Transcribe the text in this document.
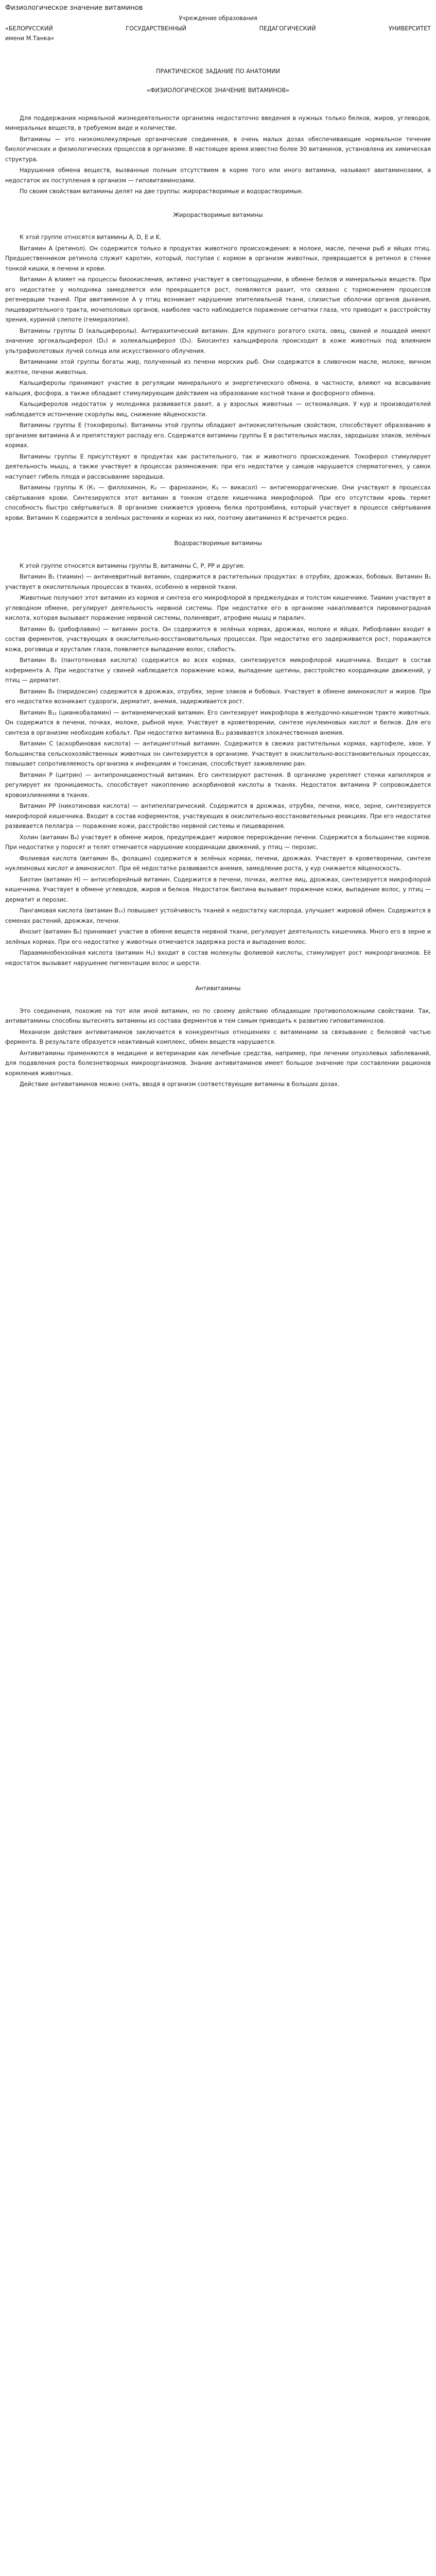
Физиологическое значение витаминов
Учреждение образования
«БЕЛОРУССКИЙ ГОСУДАРСТВЕННЫЙ ПЕДАГОГИЧЕСКИЙ УНИВЕРСИТЕТ
имени М.Танка»
ПРАКТИЧЕСКОЕ ЗАДАНИЕ ПО АНАТОМИИ
«ФИЗИОЛОГИЧЕСКОЕ ЗНАЧЕНИЕ ВИТАМИНОВ»

Для поддержания нормальной жизнедеятельности организма недостаточно введения в нужных только белков, жиров, углеводов, минеральных веществ, в требуемом виде и количестве.

Витамины — это низкомолекулярные органические соединения, в очень малых дозах обеспечивающие нормальное течение биологических и физиологических процессов в организме. В настоящее время известно более 30 витаминов, установлена их химическая структура.

Нарушения обмена веществ, вызванные полным отсутствием в корме того или иного витамина, называют авитаминозами, а недостаток их поступления в организм — гиповитаминозами.

По своим свойствам витамины делят на две группы: жирорастворимые и водорастворимые.

Жирорастворимые витамины

К этой группе относятся витамины A, D, E и K.

Витамин А (ретинол). Он содержится только в продуктах животного происхождения: в молоке, масле, печени рыб и яйцах птиц. Предшественником ретинола служит каротин, который, поступая с кормом в организм животных, превращается в ретинол в стенке тонкой кишки, в печени и крови.

Витамин А влияет на процессы биоокисления, активно участвует в светоощущении, в обмене белков и минеральных веществ. При его недостатке у молодняка замедляется или прекращается рост, появляются рахит, что связано с торможением процессов регенерации тканей. При авитаминозе А у птиц возникает нарушение эпителиальной ткани, слизистые оболочки органов дыхания, пищеварительного тракта, мочеполовых органов, наиболее часто наблюдается поражение сетчатки глаза, что приводит к расстройству зрения, куриной слепоте (гемералопия).

Витамины группы D (кальциферолы). Антирахитический витамин. Для крупного рогатого скота, овец, свиней и лошадей имеют значение эргокальциферол (D₂) и холекальциферол (D₃). Биосинтез кальциферола происходит в коже животных под влиянием ультрафиолетовых лучей солнца или искусственного облучения.

Витаминами этой группы богаты жир, полученный из печени морских рыб. Они содержатся в сливочном масле, молоке, яичном желтке, печени животных.

Кальциферолы принимают участие в регуляции минерального и энергетического обмена, в частности, влияют на всасывание кальция, фосфора, а также обладают стимулирующим действием на образование костной ткани и фосфорного обмена.

Кальциферолов недостаток у молодняка развивается рахит, а у взрослых животных — остеомаляция. У кур и производителей наблюдается истончение скорлупы яиц, снижение яйценоскости.

Витамины группы Е (токоферолы). Витамины этой группы обладают антиокислительным свойством, способствуют образованию в организме витамина А и препятствуют распаду его. Содержатся витамины группы Е в растительных маслах, зародышах злаков, зелёных кормах.

Витамины группы Е присутствуют в продуктах как растительного, так и животного происхождения. Токоферол стимулирует деятельность мышц, а также участвует в процессах размножения: при его недостатке у самцов нарушается сперматогенез, у самок наступает гибель плода и рассасывание зародыша.

Витамины группы К (К₁ — филлохинон, К₂ — фарнохинон, К₃ — викасол) — антигеморрагические. Они участвуют в процессах свёртывания крови. Синтезируются этот витамин в тонком отделе кишечника микрофлорой. При его отсутствии кровь теряет способность быстро свёртываться. В организме снижается уровень белка протромбина, который участвует в процессе свёртывания крови. Витамин К содержится в зелёных растениях и кормах из них, поэтому авитаминоз К встречается редко.

Водорастворимые витамины

К этой группе относятся витамины группы В, витамины С, Р, РР и другие.

Витамин В₁ (тиамин) — антиневритный витамин, содержится в растительных продуктах: в отрубях, дрожжах, бобовых. Витамин В₁ участвует в окислительных процессах в тканях, особенно в нервной ткани.

Животные получают этот витамин из кормов и синтеза его микрофлорой в преджелудках и толстом кишечнике. Тиамин участвует в углеводном обмене, регулирует деятельность нервной системы. При недостатке его в организме накапливается пировиноградная кислота, которая вызывает поражение нервной системы, полиневрит, атрофию мышц и паралич.

Витамин В₂ (рибофлавин) — витамин роста. Он содержится в зелёных кормах, дрожжах, молоке и яйцах. Рибофлавин входит в состав ферментов, участвующих в окислительно-восстановительных процессах. При недостатке его задерживается рост, поражаются кожа, роговица и хрусталик глаза, появляется выпадение волос, слабость.

Витамин В₃ (пантотеновая кислота) содержится во всех кормах, синтезируется микрофлорой кишечника. Входит в состав кофермента А. При недостатке у свиней наблюдается поражение кожи, выпадение щетины, расстройство координации движений, у птиц — дерматит.

Витамин В₆ (пиридоксин) содержится в дрожжах, отрубях, зерне злаков и бобовых. Участвует в обмене аминокислот и жиров. При его недостатке возникают судороги, дерматит, анемия, задерживается рост.

Витамин В₁₂ (цианкобаламин) — антианемический витамин. Его синтезирует микрофлора в желудочно-кишечном тракте животных. Он содержится в печени, почках, молоке, рыбной муке. Участвует в кроветворении, синтезе нуклеиновых кислот и белков. Для его синтеза в организме необходим кобальт. При недостатке витамина В₁₂ развивается злокачественная анемия.

Витамин С (аскорбиновая кислота) — антицинготный витамин. Содержится в свежих растительных кормах, картофеле, хвое. У большинства сельскохозяйственных животных он синтезируется в организме. Участвует в окислительно-восстановительных процессах, повышает сопротивляемость организма к инфекциям и токсинам, способствует заживлению ран.

Витамин Р (цитрин) — антипроницаемостный витамин. Его синтезируют растения. В организме укрепляет стенки капилляров и регулирует их проницаемость, способствует накоплению аскорбиновой кислоты в тканях. Недостаток витамина Р сопровождается кровоизлияниями в тканях.

Витамин РР (никотиновая кислота) — антипеллагрический. Содержится в дрожжах, отрубях, печени, мясе, зерне, синтезируется микрофлорой кишечника. Входит в состав коферментов, участвующих в окислительно-восстановительных реакциях. При его недостатке развивается пеллагра — поражение кожи, расстройство нервной системы и пищеварения.

Холин (витамин В₄) участвует в обмене жиров, предупреждает жировое перерождение печени. Содержится в большинстве кормов. При недостатке у поросят и телят отмечается нарушение координации движений, у птиц — перозис.

Фолиевая кислота (витамин В₉, фолацин) содержится в зелёных кормах, печени, дрожжах. Участвует в кроветворении, синтезе нуклеиновых кислот и аминокислот. При её недостатке развиваются анемия, замедление роста, у кур снижается яйценоскость.

Биотин (витамин Н) — антисеборейный витамин. Содержится в печени, почках, желтке яиц, дрожжах, синтезируется микрофлорой кишечника. Участвует в обмене углеводов, жиров и белков. Недостаток биотина вызывает поражение кожи, выпадение волос, у птиц — дерматит и перозис.

Пангамовая кислота (витамин В₁₅) повышает устойчивость тканей к недостатку кислорода, улучшает жировой обмен. Содержится в семенах растений, дрожжах, печени.

Инозит (витамин В₈) принимает участие в обмене веществ нервной ткани, регулирует деятельность кишечника. Много его в зерне и зелёных кормах. При его недостатке у животных отмечается задержка роста и выпадение волос.

Парааминобензойная кислота (витамин Н₁) входит в состав молекулы фолиевой кислоты, стимулирует рост микроорганизмов. Её недостаток вызывает нарушение пигментации волос и шерсти.

Антивитамины

Это соединения, похожие на тот или иной витамин, но по своему действию обладающие противоположными свойствами. Так, антивитамины способны вытеснять витамины из состава ферментов и тем самым приводить к развитию гиповитаминозов.

Механизм действия антивитаминов заключается в конкурентных отношениях с витаминами за связывание с белковой частью фермента. В результате образуется неактивный комплекс, обмен веществ нарушается.

Антивитамины применяются в медицине и ветеринарии как лечебные средства, например, при лечении опухолевых заболеваний, для подавления роста болезнетворных микроорганизмов. Знание антивитаминов имеет большое значение при составлении рационов кормления животных.

Действие антивитаминов можно снять, вводя в организм соответствующие витамины в больших дозах.
